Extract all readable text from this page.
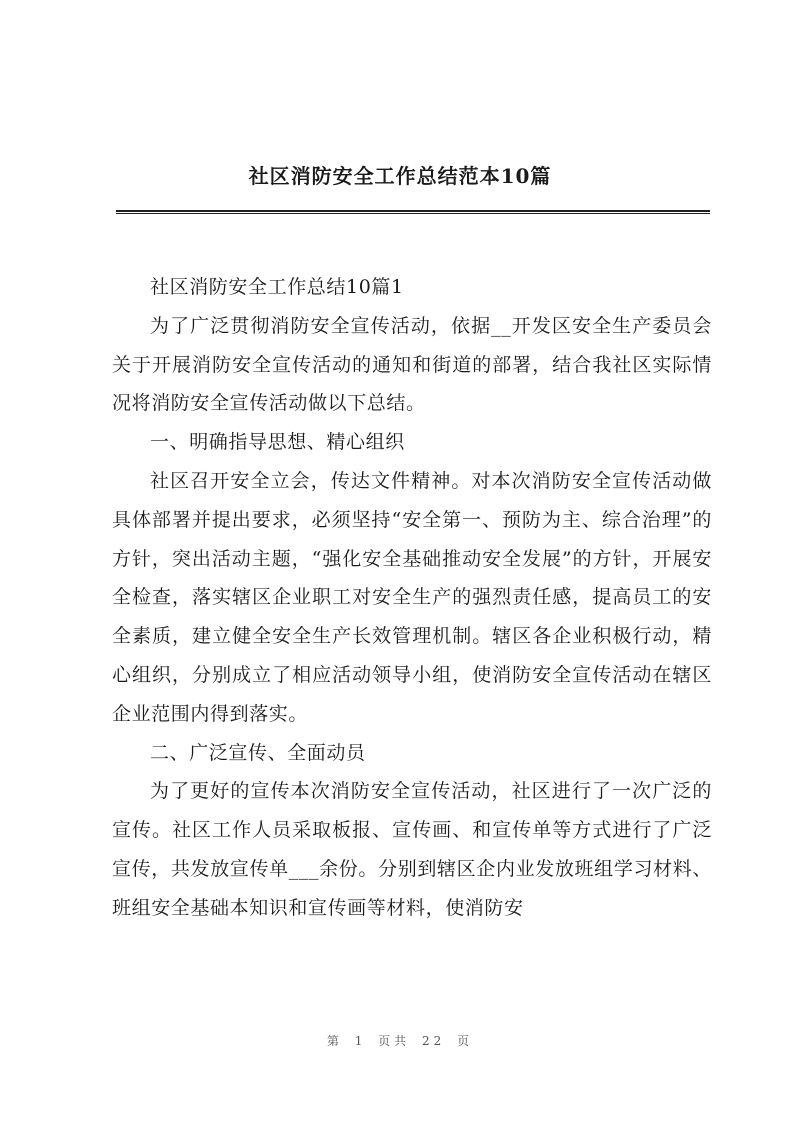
社区消防安全工作总结范本10篇

社区消防安全工作总结10篇1

为了广泛贯彻消防安全宣传活动，依据__开发区安全生产委员会关于开展消防安全宣传活动的通知和街道的部署，结合我社区实际情况将消防安全宣传活动做以下总结。

一、明确指导思想、精心组织

社区召开安全立会，传达文件精神。对本次消防安全宣传活动做具体部署并提出要求，必须坚持“安全第一、预防为主、综合治理”的方针，突出活动主题，“强化安全基础推动安全发展”的方针，开展安全检查，落实辖区企业职工对安全生产的强烈责任感，提高员工的安全素质，建立健全安全生产长效管理机制。辖区各企业积极行动，精心组织，分别成立了相应活动领导小组，使消防安全宣传活动在辖区企业范围内得到落实。

二、广泛宣传、全面动员

为了更好的宣传本次消防安全宣传活动，社区进行了一次广泛的宣传。社区工作人员采取板报、宣传画、和宣传单等方式进行了广泛宣传，共发放宣传单___余份。分别到辖区企内业发放班组学习材料、班组安全基础本知识和宣传画等材料，使消防安

第 1 页共 22 页
